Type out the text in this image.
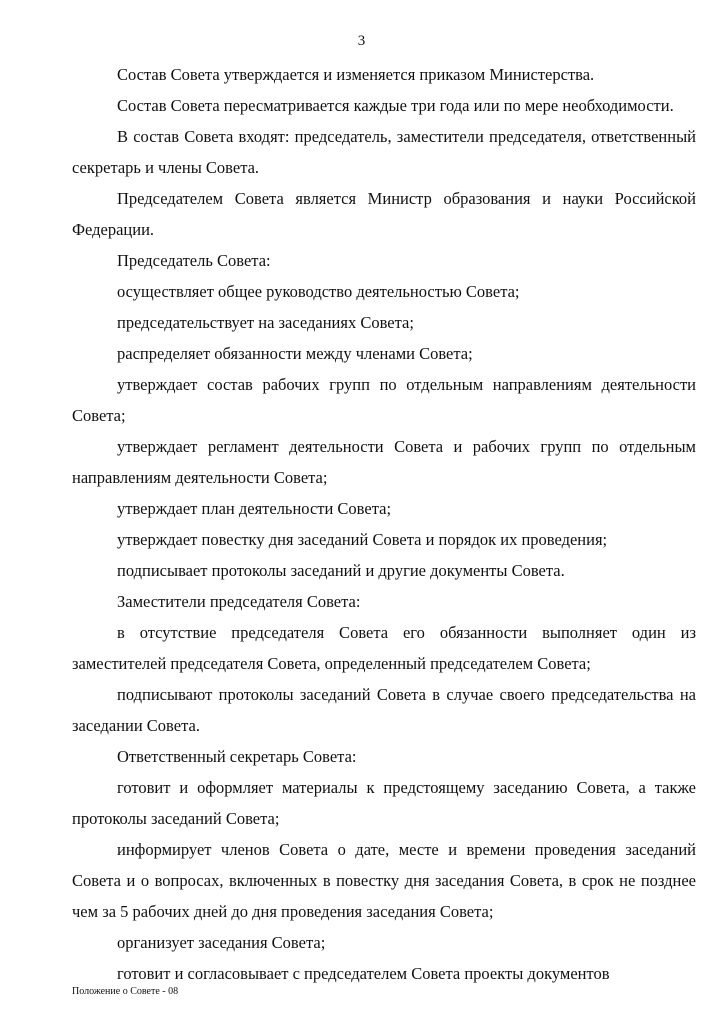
3

Состав Совета утверждается и изменяется приказом Министерства.

Состав Совета пересматривается каждые три года или по мере необходимости.

В состав Совета входят: председатель, заместители председателя, ответственный секретарь и члены Совета.

Председателем Совета является Министр образования и науки Российской Федерации.

Председатель Совета:

осуществляет общее руководство деятельностью Совета;

председательствует на заседаниях Совета;

распределяет обязанности между членами Совета;

утверждает состав рабочих групп по отдельным направлениям деятельности Совета;

утверждает регламент деятельности Совета и рабочих групп по отдельным направлениям деятельности Совета;

утверждает план деятельности Совета;

утверждает повестку дня заседаний Совета и порядок их проведения;

подписывает протоколы заседаний и другие документы Совета.

Заместители председателя Совета:

в отсутствие председателя Совета его обязанности выполняет один из заместителей председателя Совета, определенный председателем Совета;

подписывают протоколы заседаний Совета в случае своего председательства на заседании Совета.

Ответственный секретарь Совета:

готовит и оформляет материалы к предстоящему заседанию Совета, а также протоколы заседаний Совета;

информирует членов Совета о дате, месте и времени проведения заседаний Совета и о вопросах, включенных в повестку дня заседания Совета, в срок не позднее чем за 5 рабочих дней до дня проведения заседания Совета;

организует заседания Совета;

готовит и согласовывает с председателем Совета проекты документов

Положение о Совете - 08
